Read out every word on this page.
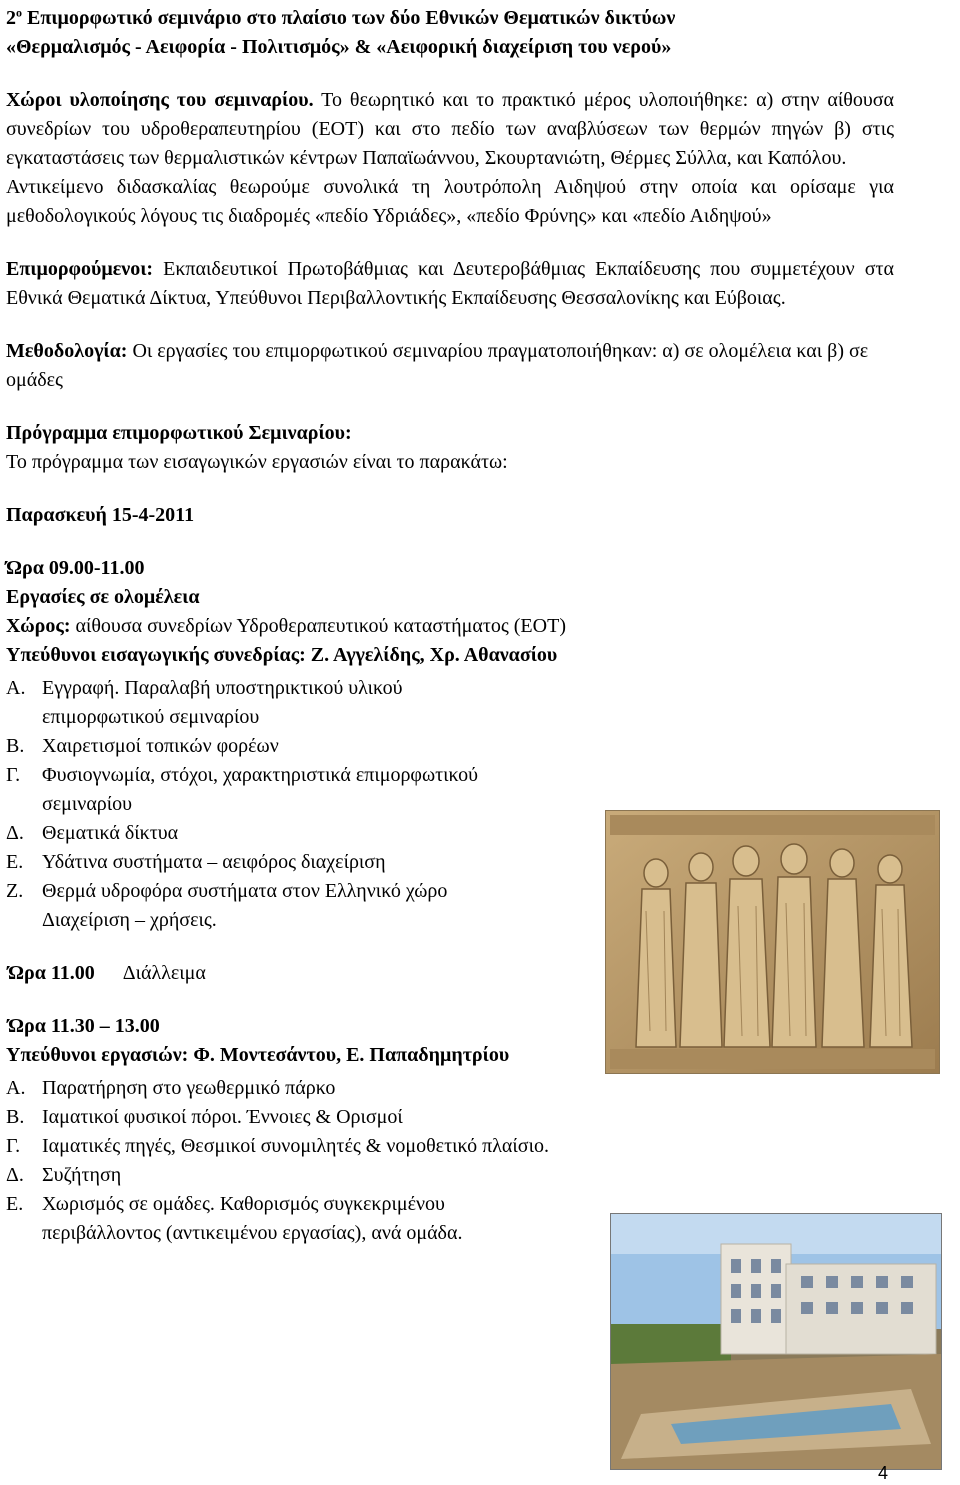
$2^o$ Επιμορφωτικό σεμινάριο στο πλαίσιο των δύο Εθνικών Θεματικών δικτύων

«Θερμαλισμός - Αειφορία - Πολιτισμός» & «Αειφορική διαχείριση του νερού»

Χώροι υλοποίησης του σεμιναρίου. Το θεωρητικό και το πρακτικό μέρος υλοποιήθηκε: α) στην αίθουσα συνεδρίων του υδροθεραπευτηρίου (ΕΟΤ) και στο πεδίο των αναβλύσεων των θερμών πηγών β) στις εγκαταστάσεις των θερμαλιστικών κέντρων Παπαϊωάννου, Σκουρτανιώτη, Θέρμες Σύλλα, και Καπόλου.

Αντικείμενο διδασκαλίας θεωρούμε συνολικά τη λουτρόπολη Αιδηψού στην οποία και ορίσαμε για μεθοδολογικούς λόγους τις διαδρομές «πεδίο Υδριάδες», «πεδίο Φρύνης» και «πεδίο Αιδηψού»

Επιμορφούμενοι: Εκπαιδευτικοί Πρωτοβάθμιας και Δευτεροβάθμιας Εκπαίδευσης που συμμετέχουν στα Εθνικά Θεματικά Δίκτυα, Υπεύθυνοι Περιβαλλοντικής Εκπαίδευσης Θεσσαλονίκης και Εύβοιας.

Μεθοδολογία: Οι εργασίες του επιμορφωτικού σεμιναρίου πραγματοποιήθηκαν: α) σε ολομέλεια και β) σε ομάδες

Πρόγραμμα επιμορφωτικού Σεμιναρίου:

Το πρόγραμμα των εισαγωγικών εργασιών είναι το παρακάτω:

Παρασκευή 15-4-2011

Ώρα 09.00-11.00

Εργασίες σε ολομέλεια

Χώρος: αίθουσα συνεδρίων Υδροθεραπευτικού καταστήματος (ΕΟΤ)

Υπεύθυνοι εισαγωγικής συνεδρίας: Ζ. Αγγελίδης, Χρ. Αθανασίου

Α. Εγγραφή. Παραλαβή υποστηρικτικού υλικού επιμορφωτικού σεμιναρίου
Β. Χαιρετισμοί τοπικών φορέων
Γ.	Φυσιογνωμία, στόχοι, χαρακτηριστικά επιμορφωτικού σεμιναρίου
Δ. Θεματικά δίκτυα
Ε. Υδάτινα συστήματα – αειφόρος διαχείριση
Ζ. Θερμά υδροφόρα συστήματα στον Ελληνικό χώρο Διαχείριση – χρήσεις.

Ώρα 11.00 Διάλλειμα

Ώρα 11.30 – 13.00

Υπεύθυνοι εργασιών: Φ. Μοντεσάντου, Ε. Παπαδημητρίου

Α. Παρατήρηση στο γεωθερμικό πάρκο
Β. Ιαματικοί φυσικοί πόροι. Έννοιες & Ορισμοί
Γ.	Ιαματικές πηγές, Θεσμικοί συνομιλητές & νομοθετικό πλαίσιο.
Δ. Συζήτηση
Ε. Χωρισμός σε ομάδες. Καθορισμός συγκεκριμένου περιβάλλοντος (αντικειμένου εργασίας), ανά ομάδα.
4
